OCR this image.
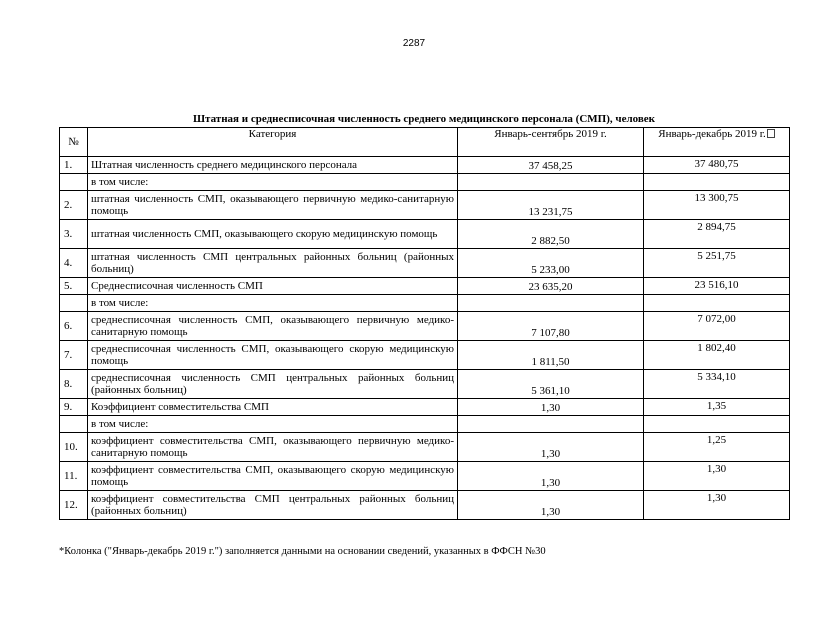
2287
Штатная и среднесписочная численность среднего медицинского персонала (СМП), человек
№	Категория	Январь-сентябрь 2019 г.	Январь-декабрь 2019 г.
1.	Штатная численность среднего медицинского персонала	37 458,25	37 480,75
	в том числе:		
2.	штатная численность СМП, оказывающего первичную медико-санитарную помощь	13 231,75	13 300,75
3.	штатная численность СМП, оказывающего скорую медицинскую помощь	2 882,50	2 894,75
4.	штатная численность СМП центральных районных больниц (районных больниц)	5 233,00	5 251,75
5.	Среднесписочная численность СМП	23 635,20	23 516,10
	в том числе:		
6.	среднесписочная численность СМП, оказывающего первичную медико-санитарную помощь	7 107,80	7 072,00
7.	среднесписочная численность СМП, оказывающего скорую медицинскую помощь	1 811,50	1 802,40
8.	среднесписочная численность СМП центральных районных больниц (районных больниц)	5 361,10	5 334,10
9.	Коэффициент совместительства СМП	1,30	1,35
	в том числе:		
10.	коэффициент совместительства СМП, оказывающего первичную медико-санитарную помощь	1,30	1,25
11.	коэффициент совместительства СМП, оказывающего скорую медицинскую помощь	1,30	1,30
12.	коэффициент совместительства СМП центральных районных больниц (районных больниц)	1,30	1,30
*Колонка ("Январь-декабрь 2019 г.") заполняется данными на основании сведений, указанных в ФФСН №30
